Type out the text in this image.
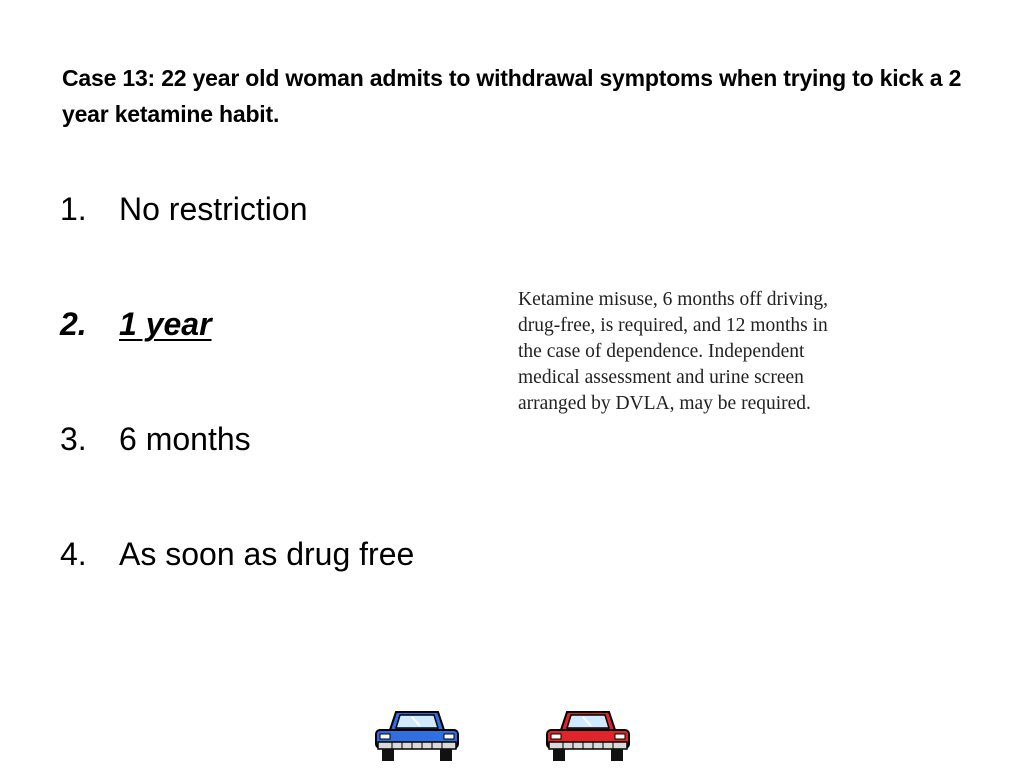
Case 13: 22 year old woman admits to withdrawal symptoms when trying to kick a 2 year ketamine habit.
1. No restriction
2. 1 year
3. 6 months
4. As soon as drug free

Ketamine misuse, 6 months off driving, drug-free, is required, and 12 months in the case of dependence. Independent medical assessment and urine screen arranged by DVLA, may be required.
